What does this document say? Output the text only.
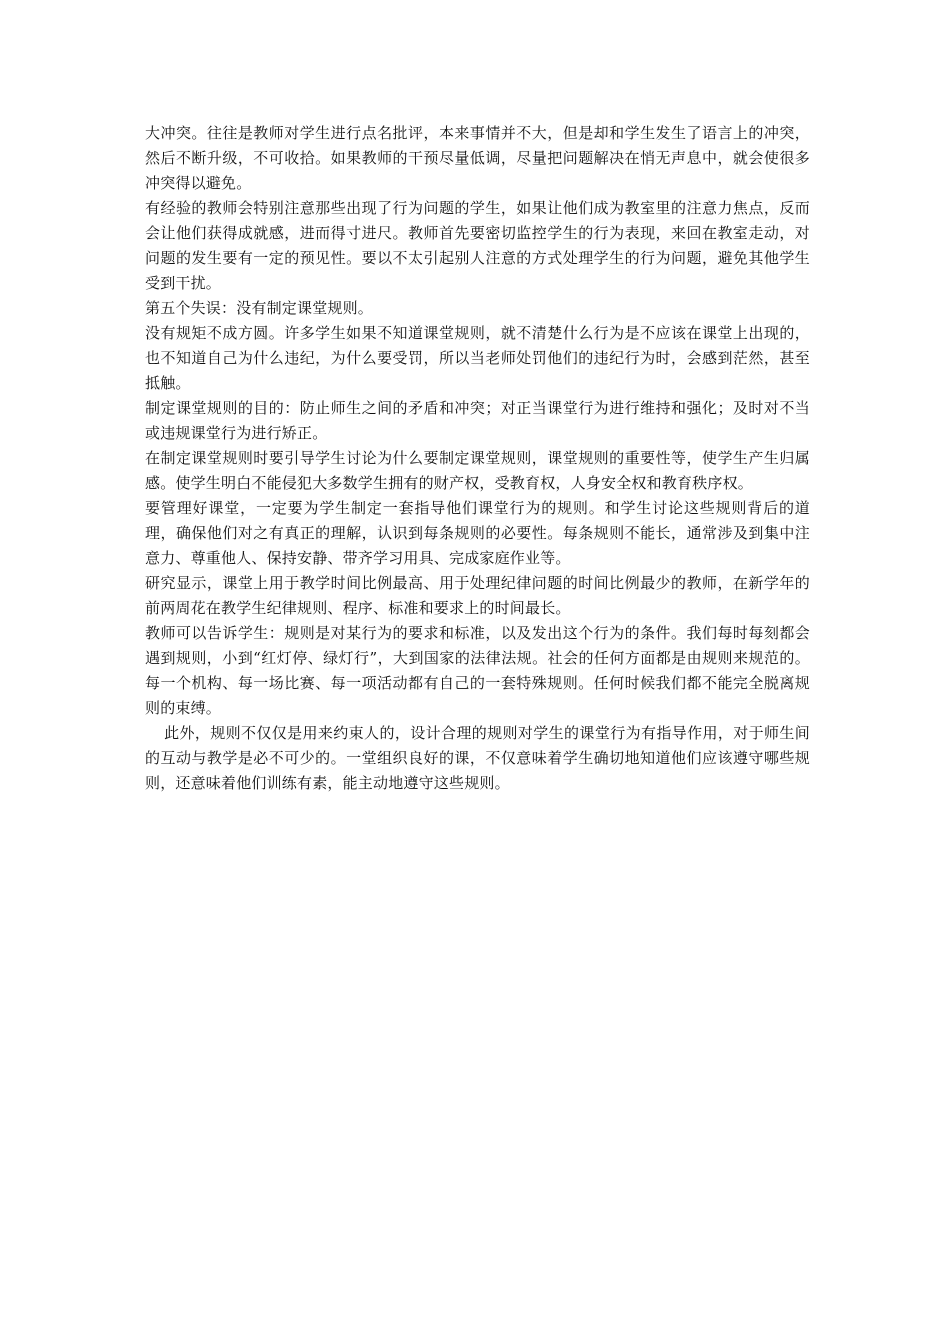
大冲突。往往是教师对学生进行点名批评，本来事情并不大，但是却和学生发生了语言上的冲突，然后不断升级，不可收拾。如果教师的干预尽量低调，尽量把问题解决在悄无声息中，就会使很多冲突得以避免。

有经验的教师会特别注意那些出现了行为问题的学生，如果让他们成为教室里的注意力焦点，反而会让他们获得成就感，进而得寸进尺。教师首先要密切监控学生的行为表现，来回在教室走动，对问题的发生要有一定的预见性。要以不太引起别人注意的方式处理学生的行为问题，避免其他学生受到干扰。

第五个失误：没有制定课堂规则。

没有规矩不成方圆。许多学生如果不知道课堂规则，就不清楚什么行为是不应该在课堂上出现的，也不知道自己为什么违纪，为什么要受罚，所以当老师处罚他们的违纪行为时，会感到茫然，甚至抵触。

制定课堂规则的目的：防止师生之间的矛盾和冲突；对正当课堂行为进行维持和强化；及时对不当或违规课堂行为进行矫正。

在制定课堂规则时要引导学生讨论为什么要制定课堂规则，课堂规则的重要性等，使学生产生归属感。使学生明白不能侵犯大多数学生拥有的财产权，受教育权，人身安全权和教育秩序权。

要管理好课堂，一定要为学生制定一套指导他们课堂行为的规则。和学生讨论这些规则背后的道理，确保他们对之有真正的理解，认识到每条规则的必要性。每条规则不能长，通常涉及到集中注意力、尊重他人、保持安静、带齐学习用具、完成家庭作业等。

研究显示，课堂上用于教学时间比例最高、用于处理纪律问题的时间比例最少的教师，在新学年的前两周花在教学生纪律规则、程序、标准和要求上的时间最长。

教师可以告诉学生：规则是对某行为的要求和标准，以及发出这个行为的条件。我们每时每刻都会遇到规则，小到“红灯停、绿灯行”，大到国家的法律法规。社会的任何方面都是由规则来规范的。每一个机构、每一场比赛、每一项活动都有自己的一套特殊规则。任何时候我们都不能完全脱离规则的束缚。

此外，规则不仅仅是用来约束人的，设计合理的规则对学生的课堂行为有指导作用，对于师生间的互动与教学是必不可少的。一堂组织良好的课，不仅意味着学生确切地知道他们应该遵守哪些规则，还意味着他们训练有素，能主动地遵守这些规则。
